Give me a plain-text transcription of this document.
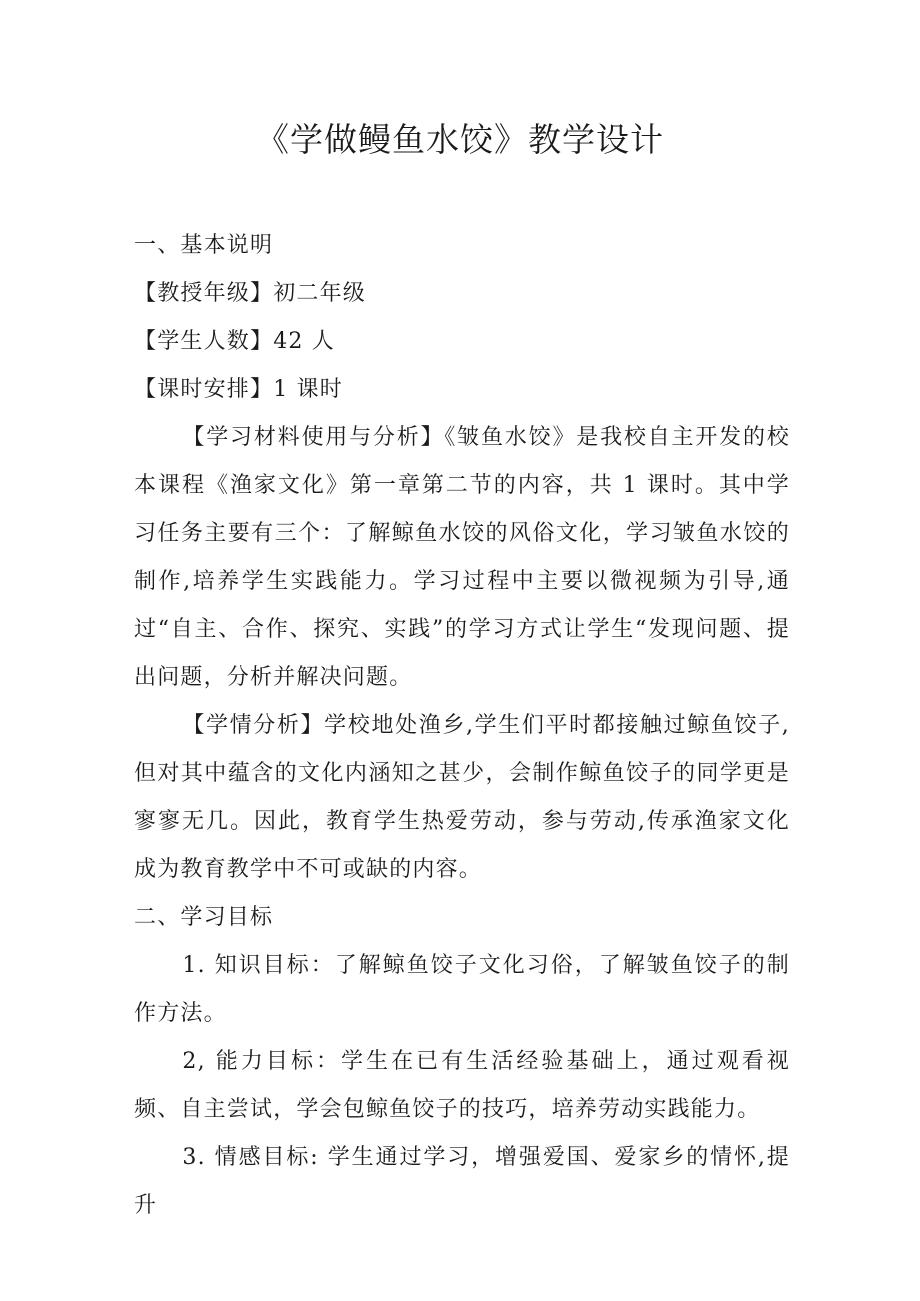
《学做鳗鱼水饺》教学设计

一、基本说明

【教授年级】初二年级

【学生人数】42 人

【课时安排】1 课时

【学习材料使用与分析】《皱鱼水饺》是我校自主开发的校本课程《渔家文化》第一章第二节的内容，共 1 课时。其中学习任务主要有三个：了解鲸鱼水饺的风俗文化，学习皱鱼水饺的制作,培养学生实践能力。学习过程中主要以微视频为引导,通过“自主、合作、探究、实践”的学习方式让学生“发现问题、提出问题，分析并解决问题。

【学情分析】学校地处渔乡,学生们平时都接触过鲸鱼饺子,但对其中蕴含的文化内涵知之甚少，会制作鲸鱼饺子的同学更是寥寥无几。因此，教育学生热爱劳动，参与劳动,传承渔家文化成为教育教学中不可或缺的内容。

二、学习目标

1. 知识目标：了解鲸鱼饺子文化习俗，了解皱鱼饺子的制作方法。

2, 能力目标：学生在已有生活经验基础上，通过观看视频、自主尝试，学会包鲸鱼饺子的技巧，培养劳动实践能力。

3. 情感目标: 学生通过学习，增强爱国、爱家乡的情怀,提升
